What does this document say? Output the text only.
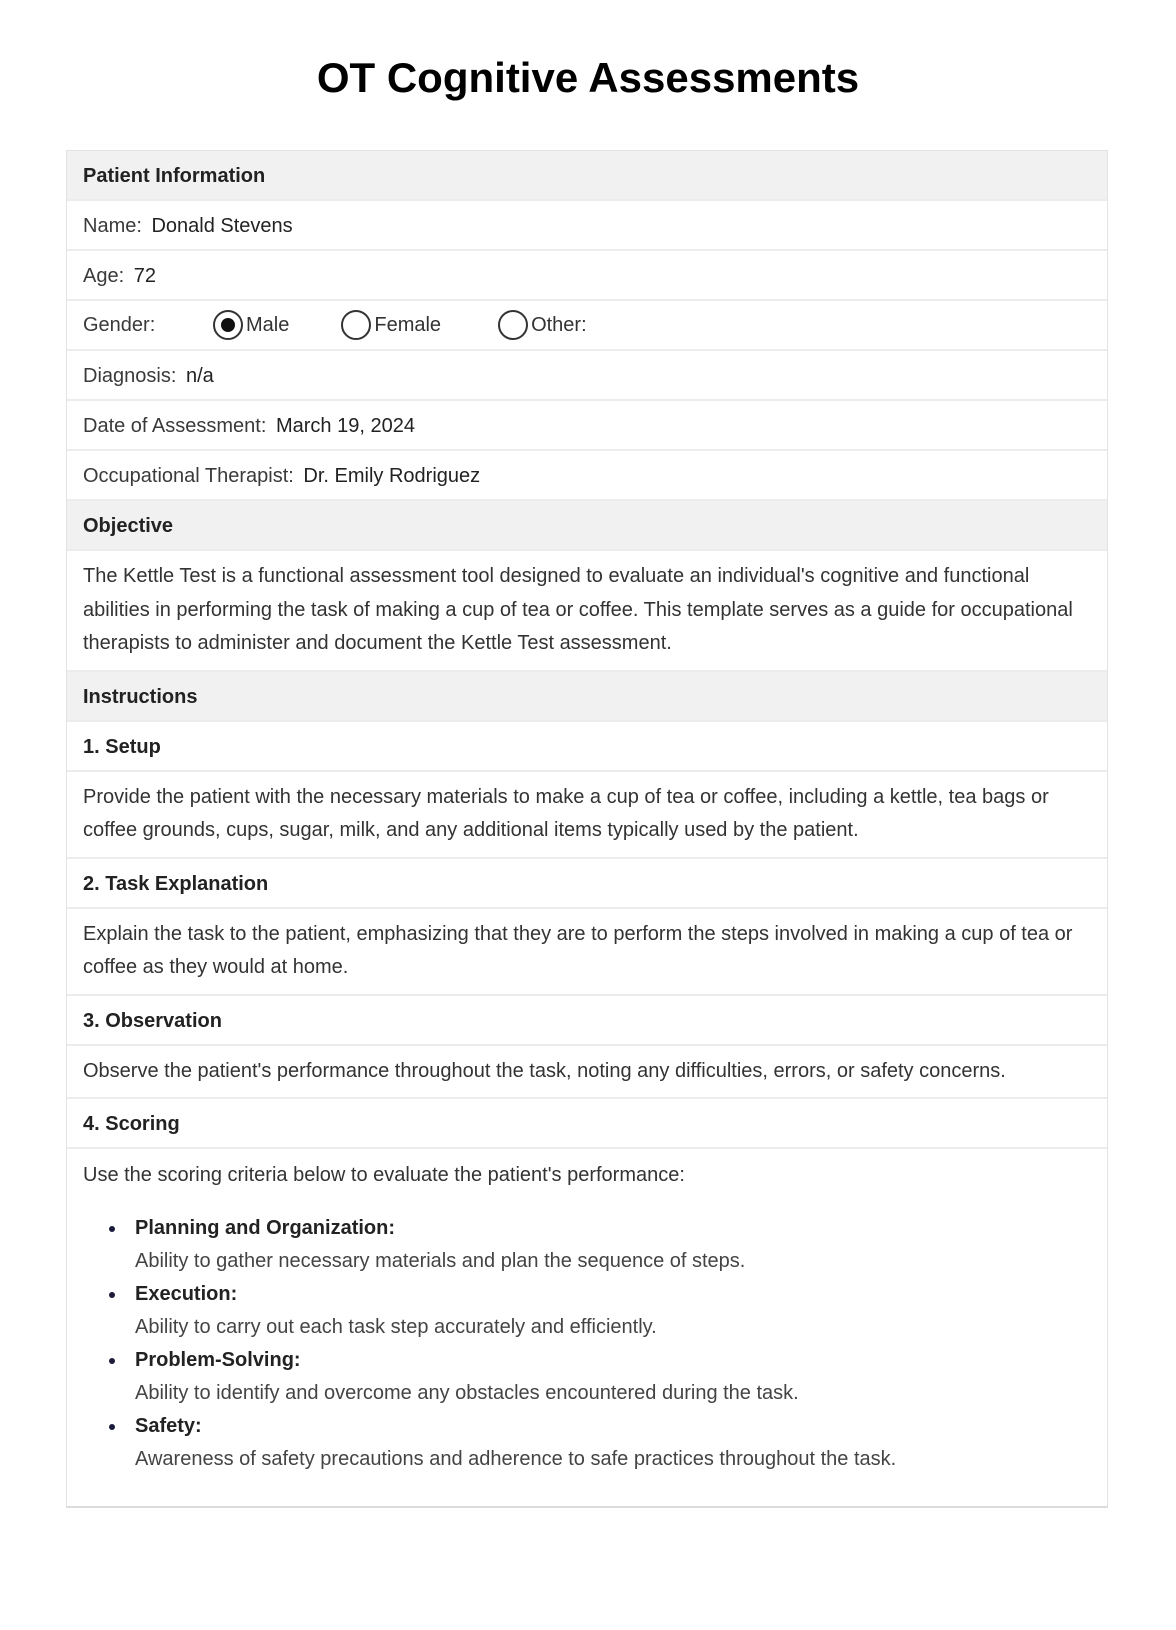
OT Cognitive Assessments
Patient Information
Name: Donald Stevens
Age: 72
Gender:	Male	Female	Other:
Diagnosis: n/a
Date of Assessment: March 19, 2024
Occupational Therapist: Dr. Emily Rodriguez
Objective
The Kettle Test is a functional assessment tool designed to evaluate an individual's cognitive and functional abilities in performing the task of making a cup of tea or coffee. This template serves as a guide for occupational therapists to administer and document the Kettle Test assessment.
Instructions
1. Setup
Provide the patient with the necessary materials to make a cup of tea or coffee, including a kettle, tea bags or coffee grounds, cups, sugar, milk, and any additional items typically used by the patient.
2. Task Explanation
Explain the task to the patient, emphasizing that they are to perform the steps involved in making a cup of tea or coffee as they would at home.
3. Observation
Observe the patient's performance throughout the task, noting any difficulties, errors, or safety concerns.
4. Scoring

Use the scoring criteria below to evaluate the patient's performance:

Planning and Organization:
Ability to gather necessary materials and plan the sequence of steps.
Execution:
Ability to carry out each task step accurately and efficiently.
Problem-Solving:
Ability to identify and overcome any obstacles encountered during the task.
Safety:
Awareness of safety precautions and adherence to safe practices throughout the task.
